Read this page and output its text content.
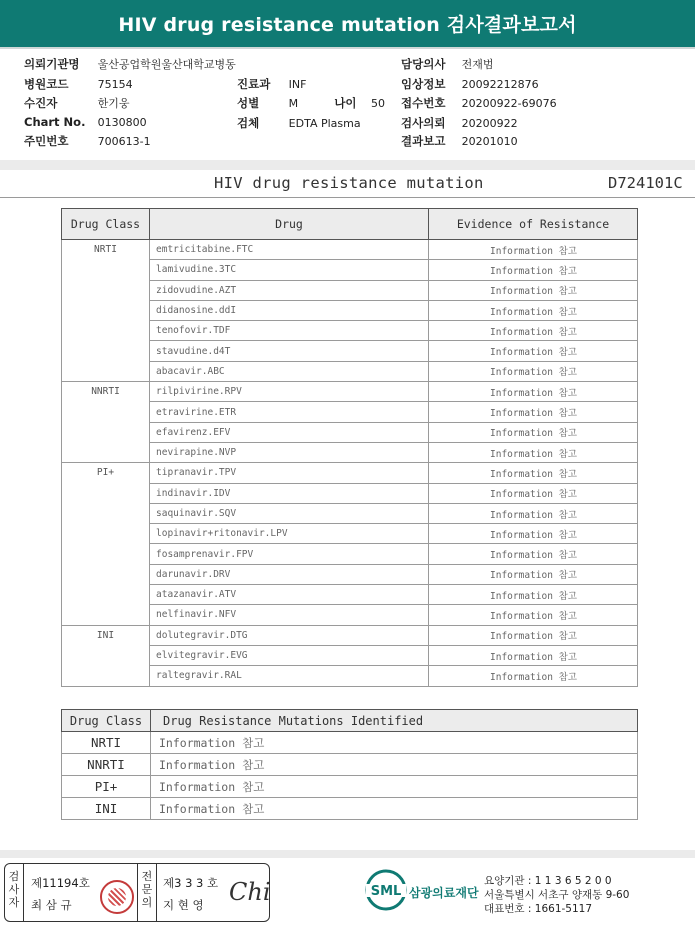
HIV drug resistance mutation 검사결과보고서
의뢰기관명 울산공업학원울산대학교병동
병원코드	75154
수진자	한기웅
Chart No. 0130800
주민번호	700613-1
진료과 INF
성별	M	나이 50
검체	EDTA Plasma
담당의사 전재범
임상정보 20092212876
접수번호 20200922-69076
검사의뢰 20200922
결과보고 20201010
HIV drug resistance mutation	D724101C
Drug Class	Drug	Evidence of Resistance
NRTI	emtricitabine.FTC	Information 참고
	lamivudine.3TC	Information 참고
	zidovudine.AZT	Information 참고
	didanosine.ddI	Information 참고
	tenofovir.TDF	Information 참고
	stavudine.d4T	Information 참고
	abacavir.ABC	Information 참고
NNRTI	rilpivirine.RPV	Information 참고
	etravirine.ETR	Information 참고
	efavirenz.EFV	Information 참고
	nevirapine.NVP	Information 참고
PI+	tipranavir.TPV	Information 참고
	indinavir.IDV	Information 참고
	saquinavir.SQV	Information 참고
	lopinavir+ritonavir.LPV	Information 참고
	fosamprenavir.FPV	Information 참고
	darunavir.DRV	Information 참고
	atazanavir.ATV	Information 참고
	nelfinavir.NFV	Information 참고
INI	dolutegravir.DTG	Information 참고
	elvitegravir.EVG	Information 참고
	raltegravir.RAL	Information 참고
Drug Class	Drug Resistance Mutations Identified
NRTI	Information 참고
NNRTI	Information 참고
PI+	Information 참고
INI	Information 참고
검
사
자
제11194호
최 삼 규
전
문
의
제3 3 3 호
지 현 영 Chi	SML 삼광의료재단
요양기관 : 1 1 3 6 5 2 0 0
서울특별시 서초구 양재동 9-60
대표번호 : 1661-5117
